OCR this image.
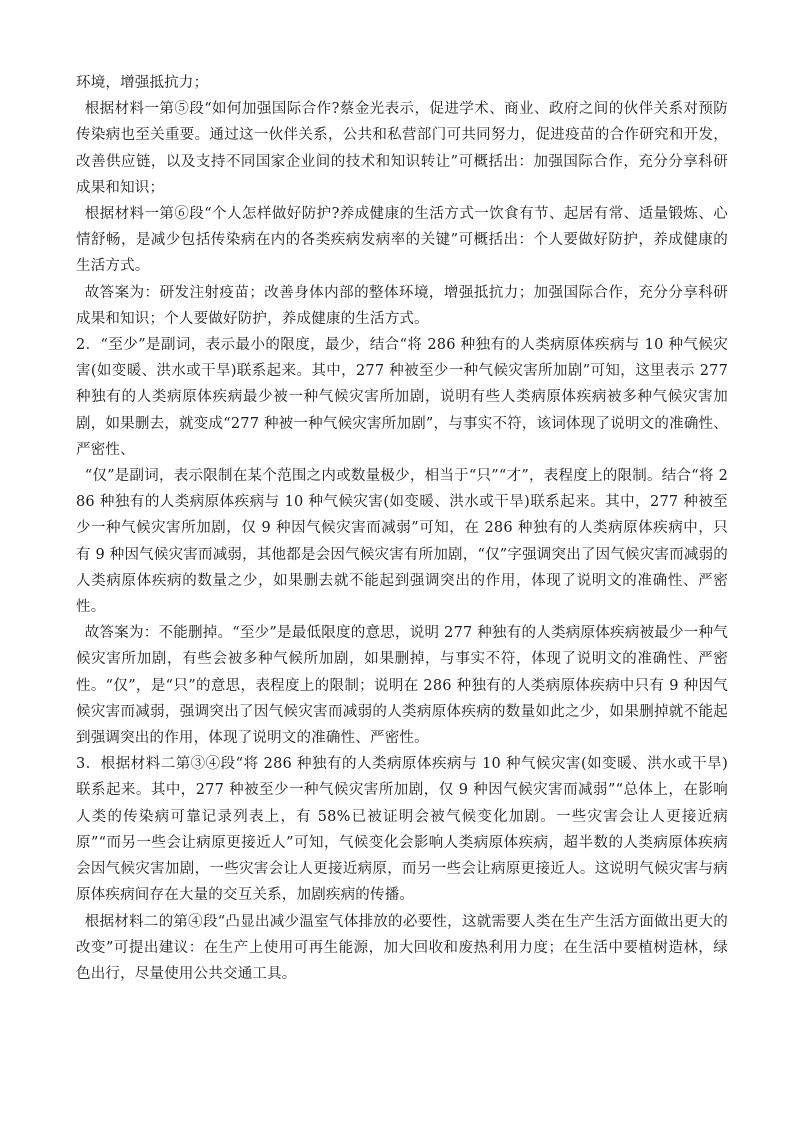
环境，增强抵抗力；

根据材料一第⑤段“如何加强国际合作?蔡金光表示，促进学术、商业、政府之间的伙伴关系对预防传染病也至关重要。通过这一伙伴关系，公共和私营部门可共同努力，促进疫苗的合作研究和开发，改善供应链，以及支持不同国家企业间的技术和知识转让”可概括出：加强国际合作，充分分享科研成果和知识；

根据材料一第⑥段“个人怎样做好防护?养成健康的生活方式一饮食有节、起居有常、适量锻炼、心情舒畅，是减少包括传染病在内的各类疾病发病率的关键”可概括出：个人要做好防护，养成健康的生活方式。

故答案为：研发注射疫苗；改善身体内部的整体环境，增强抵抗力；加强国际合作，充分分享科研成果和知识；个人要做好防护，养成健康的生活方式。

2．“至少”是副词，表示最小的限度，最少，结合“将 286 种独有的人类病原体疾病与 10 种气候灾害(如变暖、洪水或干旱)联系起来。其中，277 种被至少一种气候灾害所加剧”可知，这里表示 277 种独有的人类病原体疾病最少被一种气候灾害所加剧，说明有些人类病原体疾病被多种气候灾害加剧，如果删去，就变成“277 种被一种气候灾害所加剧”，与事实不符，该词体现了说明文的准确性、严密性、

“仅”是副词，表示限制在某个范围之内或数量极少，相当于“只”“才”，表程度上的限制。结合“将 286 种独有的人类病原体疾病与 10 种气候灾害(如变暖、洪水或干旱)联系起来。其中，277 种被至少一种气候灾害所加剧，仅 9 种因气候灾害而减弱”可知，在 286 种独有的人类病原体疾病中，只有 9 种因气候灾害而减弱，其他都是会因气候灾害有所加剧，“仅”字强调突出了因气候灾害而减弱的人类病原体疾病的数量之少，如果删去就不能起到强调突出的作用，体现了说明文的准确性、严密性。

故答案为：不能删掉。“至少”是最低限度的意思，说明 277 种独有的人类病原体疾病被最少一种气候灾害所加剧，有些会被多种气候所加剧，如果删掉，与事实不符，体现了说明文的准确性、严密性。“仅”，是“只”的意思，表程度上的限制；说明在 286 种独有的人类病原体疾病中只有 9 种因气候灾害而减弱，强调突出了因气候灾害而减弱的人类病原体疾病的数量如此之少，如果删掉就不能起到强调突出的作用，体现了说明文的准确性、严密性。

3．根据材料二第③④段“将 286 种独有的人类病原体疾病与 10 种气候灾害(如变暖、洪水或干旱)联系起来。其中，277 种被至少一种气候灾害所加剧，仅 9 种因气候灾害而减弱”“总体上，在影响人类的传染病可靠记录列表上，有 58%已被证明会被气候变化加剧。一些灾害会让人更接近病原”“而另一些会让病原更接近人”可知，气候变化会影响人类病原体疾病，超半数的人类病原体疾病会因气候灾害加剧，一些灾害会让人更接近病原，而另一些会让病原更接近人。这说明气候灾害与病原体疾病间存在大量的交互关系，加剧疾病的传播。

根据材料二的第④段“凸显出减少温室气体排放的必要性，这就需要人类在生产生活方面做出更大的改变”可提出建议：在生产上使用可再生能源，加大回收和废热利用力度；在生活中要植树造林，绿色出行，尽量使用公共交通工具。
